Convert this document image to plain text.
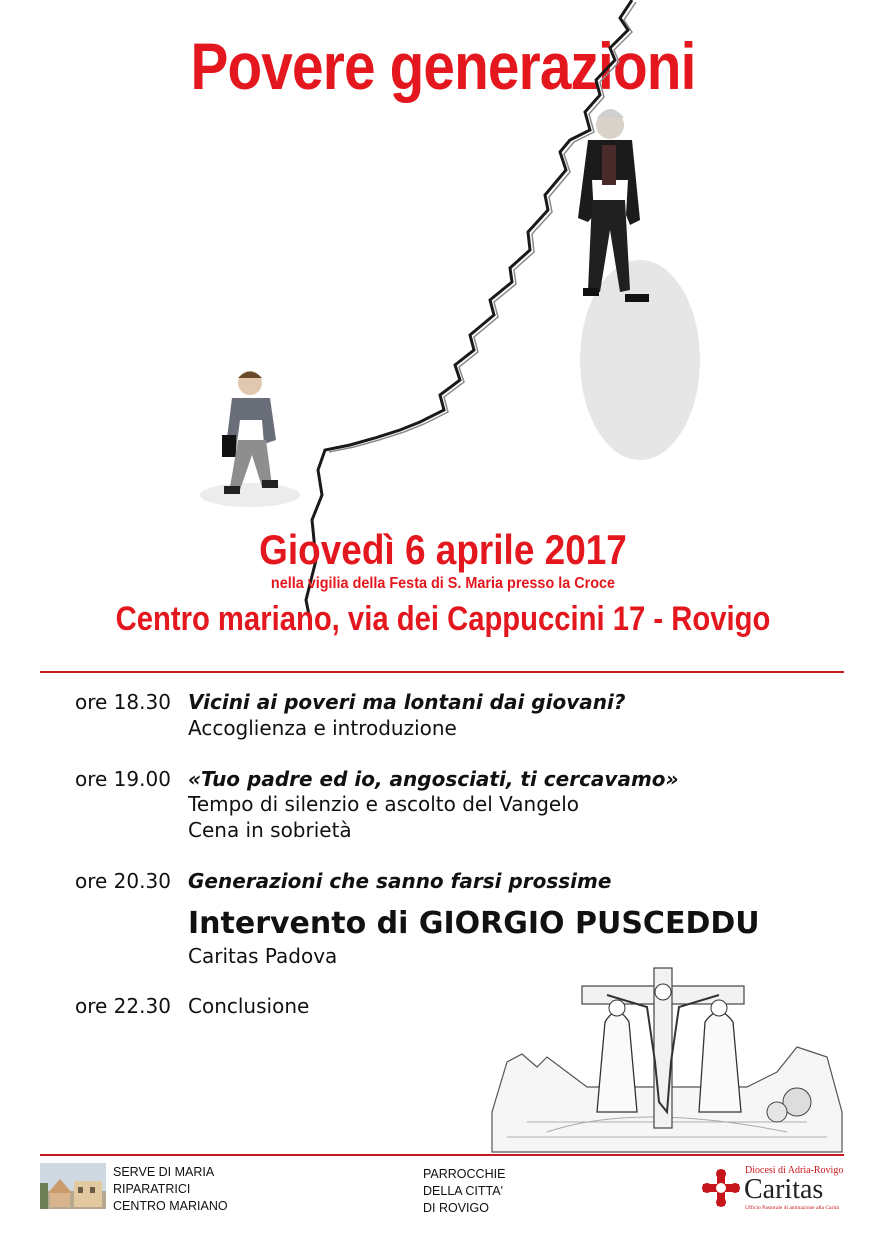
Povere generazioni
Giovedì 6 aprile 2017
nella vigilia della Festa di S. Maria presso la Croce
Centro mariano, via dei Cappuccini 17 - Rovigo
ore 18.30 Vicini ai poveri ma lontani dai giovani?
Accoglienza e introduzione
ore 19.00 «Tuo padre ed io, angosciati, ti cercavamo»
Tempo di silenzio e ascolto del Vangelo
Cena in sobrietà
ore 20.30 Generazioni che sanno farsi prossime
Intervento di GIORGIO PUSCEDDU
Caritas Padova
ore 22.30 Conclusione
SERVE DI MARIA
RIPARATRICI
CENTRO MARIANO
PARROCCHIE
DELLA CITTA'
DI ROVIGO
Diocesi di Adria-Rovigo
Caritas
Ufficio Pastorale di animazione alla Carità
